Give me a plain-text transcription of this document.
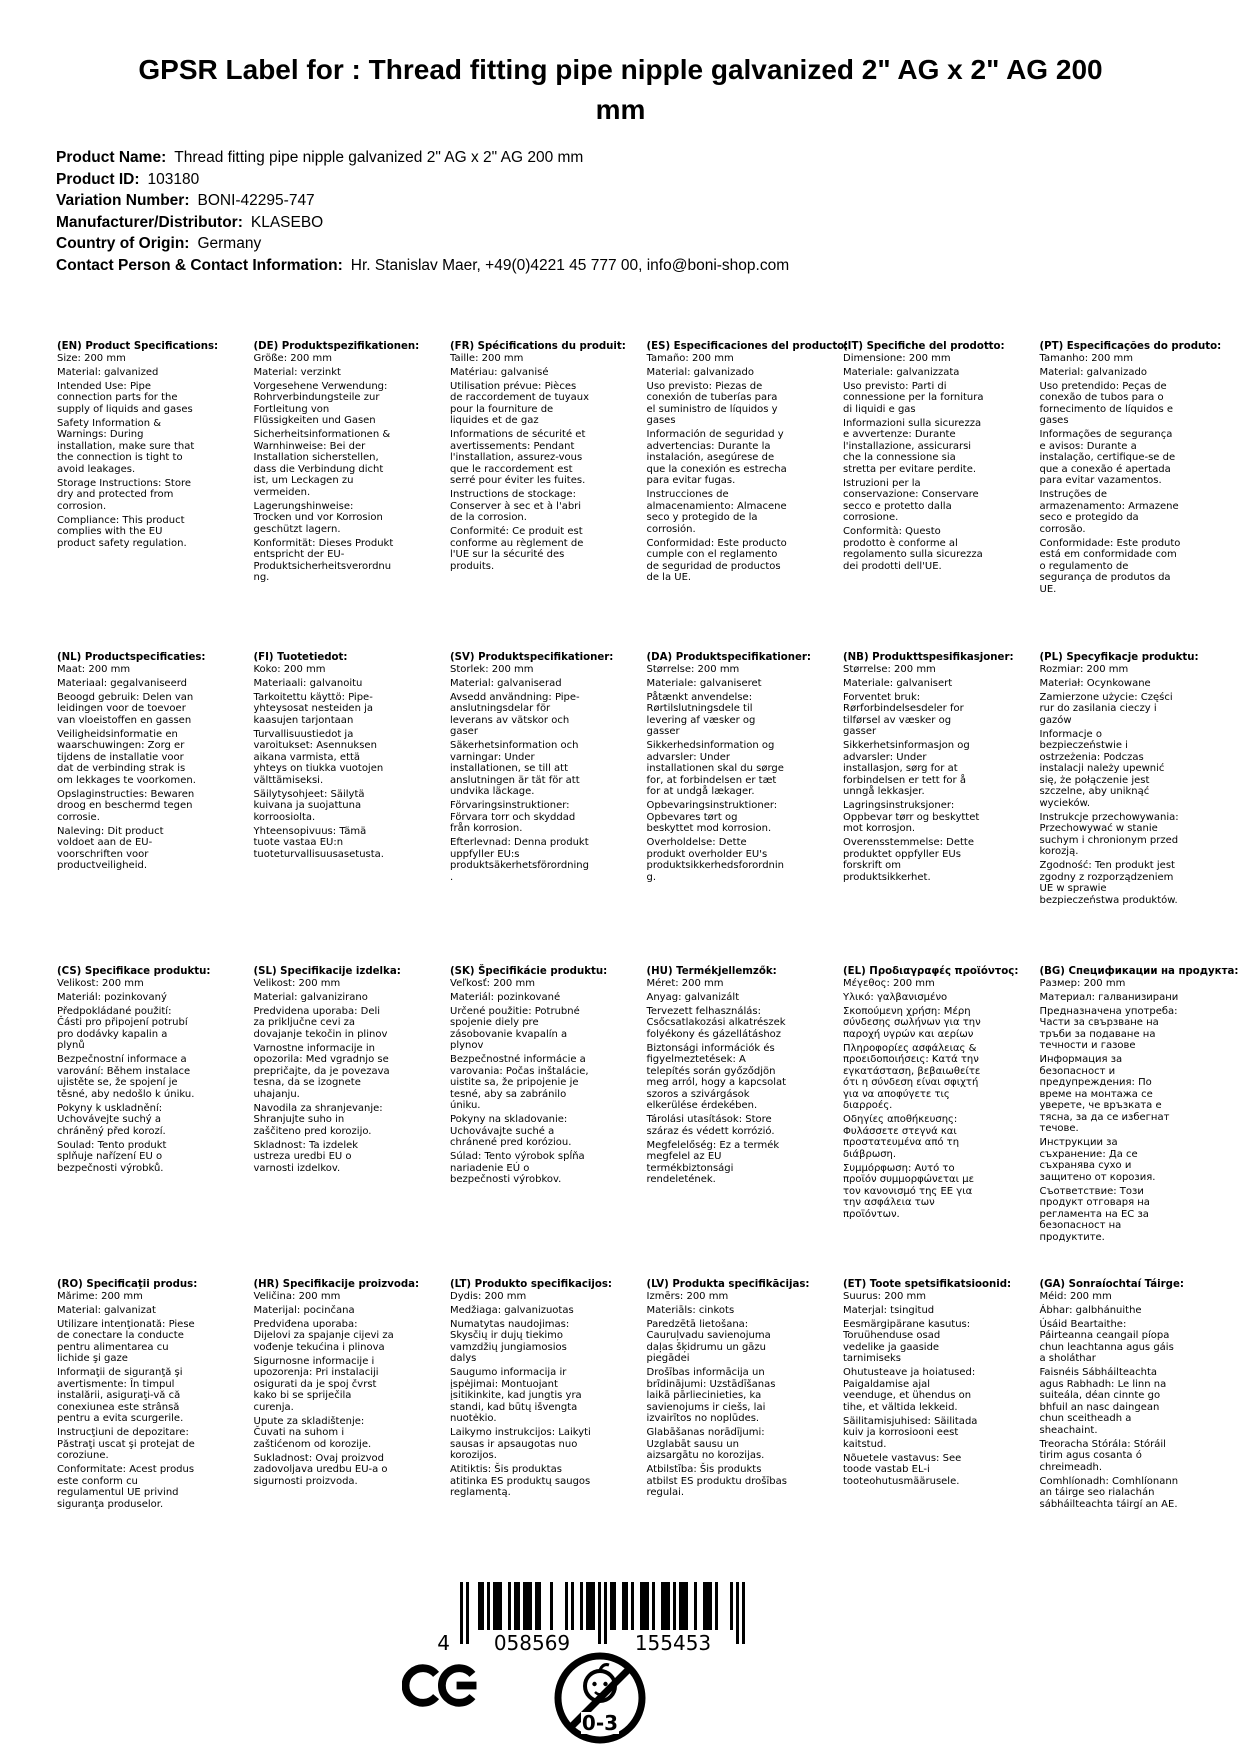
GPSR Label for : Thread fitting pipe nipple galvanized 2" AG x 2" AG 200 mm
Product Name: Thread fitting pipe nipple galvanized 2" AG x 2" AG 200 mm
Product ID: 103180
Variation Number: BONI-42295-747
Manufacturer/Distributor: KLASEBO
Country of Origin: Germany
Contact Person & Contact Information: Hr. Stanislav Maer, +49(0)4221 45 777 00, info@boni-shop.com
(EN) Product Specifications:

Size: 200 mm

Material: galvanized

Intended Use: Pipe connection parts for the supply of liquids and gases

Safety Information & Warnings: During installation, make sure that the connection is tight to avoid leakages.

Storage Instructions: Store dry and protected from corrosion.

Compliance: This product complies with the EU product safety regulation.

(DE) Produktspezifikationen:

Größe: 200 mm

Material: verzinkt

Vorgesehene Verwendung: Rohrverbindungsteile zur Fortleitung von Flüssigkeiten und Gasen

Sicherheitsinformationen & Warnhinweise: Bei der Installation sicherstellen, dass die Verbindung dicht ist, um Leckagen zu vermeiden.

Lagerungshinweise: Trocken und vor Korrosion geschützt lagern.

Konformität: Dieses Produkt entspricht der EU-Produktsicherheitsverordnung.

(FR) Spécifications du produit:

Taille: 200 mm

Matériau: galvanisé

Utilisation prévue: Pièces de raccordement de tuyaux pour la fourniture de liquides et de gaz

Informations de sécurité et avertissements: Pendant l'installation, assurez-vous que le raccordement est serré pour éviter les fuites.

Instructions de stockage: Conserver à sec et à l'abri de la corrosion.

Conformité: Ce produit est conforme au règlement de l'UE sur la sécurité des produits.

(ES) Especificaciones del producto:

Tamaño: 200 mm

Material: galvanizado

Uso previsto: Piezas de conexión de tuberías para el suministro de líquidos y gases

Información de seguridad y advertencias: Durante la instalación, asegúrese de que la conexión es estrecha para evitar fugas.

Instrucciones de almacenamiento: Almacene seco y protegido de la corrosión.

Conformidad: Este producto cumple con el reglamento de seguridad de productos de la UE.

(IT) Specifiche del prodotto:

Dimensione: 200 mm

Materiale: galvanizzata

Uso previsto: Parti di connessione per la fornitura di liquidi e gas

Informazioni sulla sicurezza e avvertenze: Durante l'installazione, assicurarsi che la connessione sia stretta per evitare perdite.

Istruzioni per la conservazione: Conservare secco e protetto dalla corrosione.

Conformità: Questo prodotto è conforme al regolamento sulla sicurezza dei prodotti dell'UE.

(PT) Especificações do produto:

Tamanho: 200 mm

Material: galvanizado

Uso pretendido: Peças de conexão de tubos para o fornecimento de líquidos e gases

Informações de segurança e avisos: Durante a instalação, certifique-se de que a conexão é apertada para evitar vazamentos.

Instruções de armazenamento: Armazene seco e protegido da corrosão.

Conformidade: Este produto está em conformidade com o regulamento de segurança de produtos da UE.

(NL) Productspecificaties:

Maat: 200 mm

Materiaal: gegalvaniseerd

Beoogd gebruik: Delen van leidingen voor de toevoer van vloeistoffen en gassen

Veiligheidsinformatie en waarschuwingen: Zorg er tijdens de installatie voor dat de verbinding strak is om lekkages te voorkomen.

Opslaginstructies: Bewaren droog en beschermd tegen corrosie.

Naleving: Dit product voldoet aan de EU-voorschriften voor productveiligheid.

(FI) Tuotetiedot:

Koko: 200 mm

Materiaali: galvanoitu

Tarkoitettu käyttö: Pipe-yhteysosat nesteiden ja kaasujen tarjontaan

Turvallisuustiedot ja varoitukset: Asennuksen aikana varmista, että yhteys on tiukka vuotojen välttämiseksi.

Säilytysohjeet: Säilytä kuivana ja suojattuna korroosiolta.

Yhteensopivuus: Tämä tuote vastaa EU:n tuoteturvallisuusasetusta.

(SV) Produktspecifikationer:

Storlek: 200 mm

Material: galvaniserad

Avsedd användning: Pipe-anslutningsdelar för leverans av vätskor och gaser

Säkerhetsinformation och varningar: Under installationen, se till att anslutningen är tät för att undvika läckage.

Förvaringsinstruktioner: Förvara torr och skyddad från korrosion.

Efterlevnad: Denna produkt uppfyller EU:s produktsäkerhetsförordning.

(DA) Produktspecifikationer:

Størrelse: 200 mm

Materiale: galvaniseret

Påtænkt anvendelse: Rørtilslutningsdele til levering af væsker og gasser

Sikkerhedsinformation og advarsler: Under installationen skal du sørge for, at forbindelsen er tæt for at undgå lækager.

Opbevaringsinstruktioner: Opbevares tørt og beskyttet mod korrosion.

Overholdelse: Dette produkt overholder EU's produktsikkerhedsforordning.

(NB) Produkttspesifikasjoner:

Størrelse: 200 mm

Materiale: galvanisert

Forventet bruk: Rørforbindelsesdeler for tilførsel av væsker og gasser

Sikkerhetsinformasjon og advarsler: Under installasjon, sørg for at forbindelsen er tett for å unngå lekkasjer.

Lagringsinstruksjoner: Oppbevar tørr og beskyttet mot korrosjon.

Overensstemmelse: Dette produktet oppfyller EUs forskrift om produktsikkerhet.

(PL) Specyfikacje produktu:

Rozmiar: 200 mm

Materiał: Ocynkowane

Zamierzone użycie: Części rur do zasilania cieczy i gazów

Informacje o bezpieczeństwie i ostrzeżenia: Podczas instalacji należy upewnić się, że połączenie jest szczelne, aby uniknąć wycieków.

Instrukcje przechowywania: Przechowywać w stanie suchym i chronionym przed korozją.

Zgodność: Ten produkt jest zgodny z rozporządzeniem UE w sprawie bezpieczeństwa produktów.

(CS) Specifikace produktu:

Velikost: 200 mm

Materiál: pozinkovaný

Předpokládané použití: Části pro připojení potrubí pro dodávky kapalin a plynů

Bezpečnostní informace a varování: Během instalace ujistěte se, že spojení je těsné, aby nedošlo k úniku.

Pokyny k uskladnění: Uchovávejte suchý a chráněný před korozí.

Soulad: Tento produkt splňuje nařízení EU o bezpečnosti výrobků.

(SL) Specifikacije izdelka:

Velikost: 200 mm

Material: galvanizirano

Predvidena uporaba: Deli za priključne cevi za dovajanje tekočin in plinov

Varnostne informacije in opozorila: Med vgradnjo se prepričajte, da je povezava tesna, da se izognete uhajanju.

Navodila za shranjevanje: Shranjujte suho in zaščiteno pred korozijo.

Skladnost: Ta izdelek ustreza uredbi EU o varnosti izdelkov.

(SK) Špecifikácie produktu:

Veľkosť: 200 mm

Materiál: pozinkované

Určené použitie: Potrubné spojenie diely pre zásobovanie kvapalín a plynov

Bezpečnostné informácie a varovania: Počas inštalácie, uistite sa, že pripojenie je tesné, aby sa zabránilo úniku.

Pokyny na skladovanie: Uchovávajte suché a chránené pred koróziou.

Súlad: Tento výrobok spĺňa nariadenie EÚ o bezpečnosti výrobkov.

(HU) Termékjellemzők:

Méret: 200 mm

Anyag: galvanizált

Tervezett felhasználás: Csőcsatlakozási alkatrészek folyékony és gázellátáshoz

Biztonsági információk és figyelmeztetések: A telepítés során győződjön meg arról, hogy a kapcsolat szoros a szivárgások elkerülése érdekében.

Tárolási utasítások: Store száraz és védett korrózió.

Megfelelőség: Ez a termék megfelel az EU termékbiztonsági rendeletének.

(EL) Προδιαγραφές προϊόντος:

Μέγεθος: 200 mm

Υλικό: γαλβανισμένο

Σκοπούμενη χρήση: Μέρη σύνδεσης σωλήνων για την παροχή υγρών και αερίων

Πληροφορίες ασφάλειας & προειδοποιήσεις: Κατά την εγκατάσταση, βεβαιωθείτε ότι η σύνδεση είναι σφιχτή για να αποφύγετε τις διαρροές.

Οδηγίες αποθήκευσης: Φυλάσσετε στεγνά και προστατευμένα από τη διάβρωση.

Συμμόρφωση: Αυτό το προϊόν συμμορφώνεται με τον κανονισμό της ΕΕ για την ασφάλεια των προϊόντων.

(BG) Спецификации на продукта:

Размер: 200 mm

Материал: галванизирани

Предназначена употреба: Части за свързване на тръби за подаване на течности и газове

Информация за безопасност и предупреждения: По време на монтажа се уверете, че връзката е тясна, за да се избегнат течове.

Инструкции за съхранение: Да се съхранява сухо и защитено от корозия.

Съответствие: Този продукт отговаря на регламента на ЕС за безопасност на продуктите.

(RO) Specificaţii produs:

Mărime: 200 mm

Material: galvanizat

Utilizare intenţionată: Piese de conectare la conducte pentru alimentarea cu lichide şi gaze

Informaţii de siguranţă şi avertismente: În timpul instalării, asiguraţi-vă că conexiunea este strânsă pentru a evita scurgerile.

Instrucţiuni de depozitare: Păstraţi uscat şi protejat de coroziune.

Conformitate: Acest produs este conform cu regulamentul UE privind siguranţa produselor.

(HR) Specifikacije proizvoda:

Veličina: 200 mm

Materijal: pocinčana

Predviđena uporaba: Dijelovi za spajanje cijevi za vođenje tekućina i plinova

Sigurnosne informacije i upozorenja: Pri instalaciji osigurati da je spoj čvrst kako bi se spriječila curenja.

Upute za skladištenje: Čuvati na suhom i zaštićenom od korozije.

Sukladnost: Ovaj proizvod zadovoljava uredbu EU-a o sigurnosti proizvoda.

(LT) Produkto specifikacijos:

Dydis: 200 mm

Medžiaga: galvanizuotas

Numatytas naudojimas: Skysčių ir dujų tiekimo vamzdžių jungiamosios dalys

Saugumo informacija ir įspėjimai: Montuojant įsitikinkite, kad jungtis yra standi, kad būtų išvengta nuotėkio.

Laikymo instrukcijos: Laikyti sausas ir apsaugotas nuo korozijos.

Atitiktis: Šis produktas atitinka ES produktų saugos reglamentą.

(LV) Produkta specifikācijas:

Izmērs: 200 mm

Materiāls: cinkots

Paredzētā lietošana: Cauruļvadu savienojuma daļas šķidrumu un gāzu piegādei

Drošības informācija un brīdinājumi: Uzstādīšanas laikā pārliecinieties, ka savienojums ir ciešs, lai izvairītos no noplūdes.

Glabāšanas norādījumi: Uzglabāt sausu un aizsargātu no korozijas.

Atbilstība: Šis produkts atbilst ES produktu drošības regulai.

(ET) Toote spetsifikatsioonid:

Suurus: 200 mm

Materjal: tsingitud

Eesmärgipärane kasutus: Toruühenduse osad vedelike ja gaaside tarnimiseks

Ohutusteave ja hoiatused: Paigaldamise ajal veenduge, et ühendus on tihe, et vältida lekkeid.

Säilitamisjuhised: Säilitada kuiv ja korrosiooni eest kaitstud.

Nõuetele vastavus: See toode vastab EL-i tooteohutusmäärusele.

(GA) Sonraíochtaí Táirge:

Méid: 200 mm

Ábhar: galbhánuithe

Úsáid Beartaithe: Páirteanna ceangail píopa chun leachtanna agus gáis a sholáthar

Faisnéis Sábháilteachta agus Rabhadh: Le linn na suiteála, déan cinnte go bhfuil an nasc daingean chun sceitheadh a sheachaint.

Treoracha Stórála: Stóráil tirim agus cosanta ó chreimeadh.

Comhlíonadh: Comhlíonann an táirge seo rialachán sábháilteachta táirgí an AE.

4 058569	155453
0-3
